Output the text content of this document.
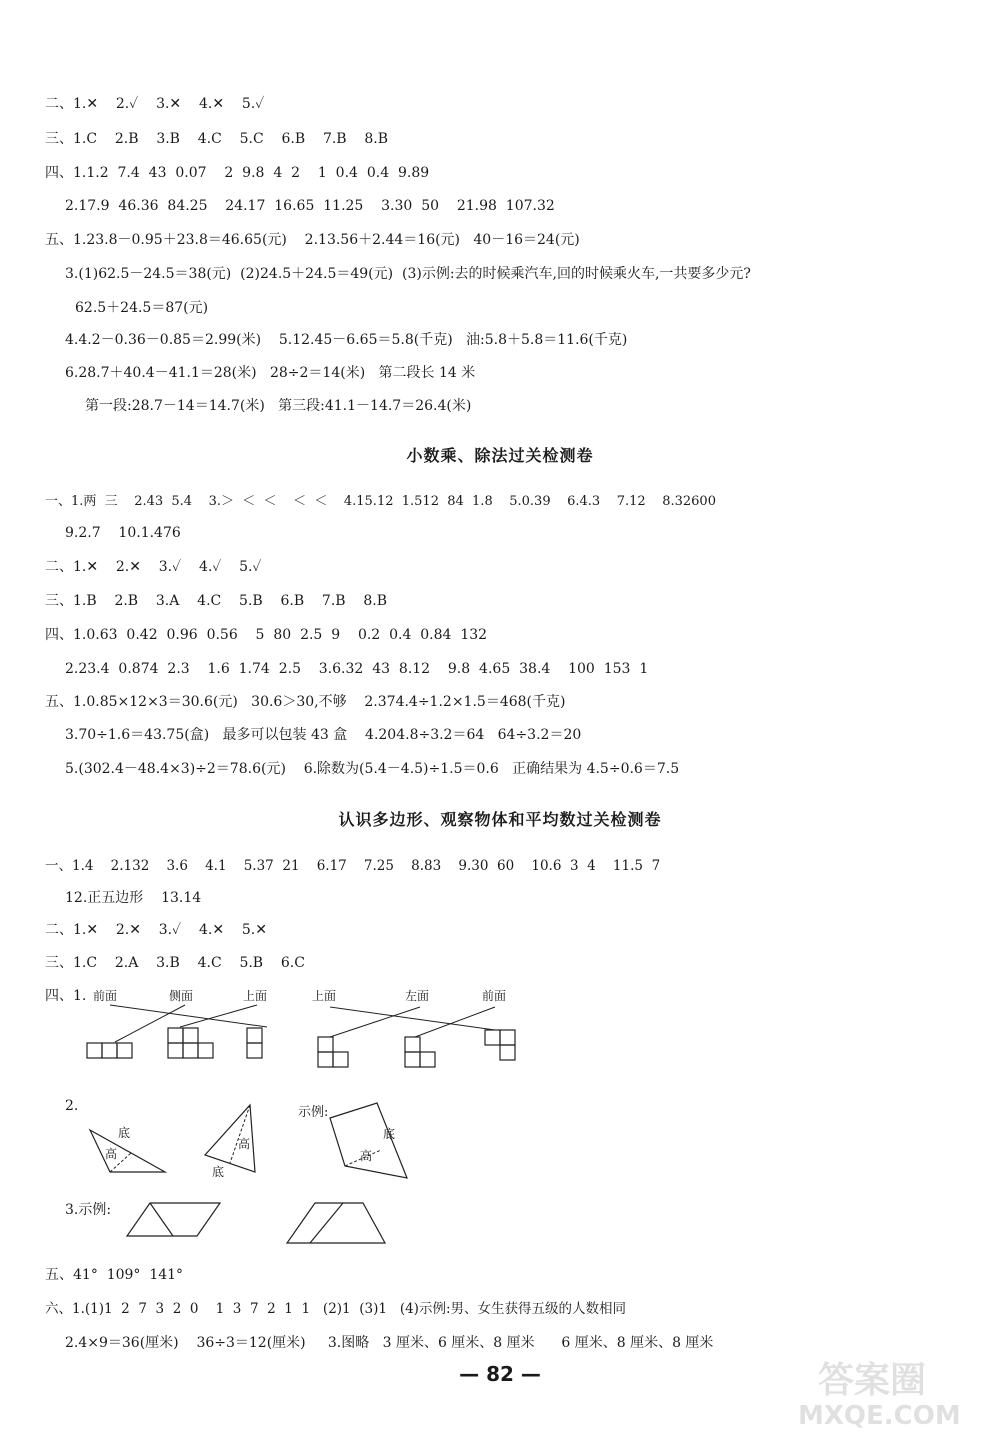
二、1.✕    2.✓    3.✕    4.✕    5.✓
三、1.C    2.B    3.B    4.C    5.C    6.B    7.B    8.B
四、1.1.2  7.4  43  0.07    2  9.8  4  2    1  0.4  0.4  9.89
2.17.9  46.36  84.25    24.17  16.65  11.25    3.30  50    21.98  107.32
五、1.23.8－0.95＋23.8＝46.65(元)    2.13.56＋2.44＝16(元)   40－16＝24(元)
3.(1)62.5－24.5＝38(元)  (2)24.5＋24.5＝49(元)  (3)示例:去的时候乘汽车,回的时候乘火车,一共要多少元?
62.5＋24.5＝87(元)
4.4.2－0.36－0.85＝2.99(米)    5.12.45－6.65＝5.8(千克)   油:5.8＋5.8＝11.6(千克)
6.28.7＋40.4－41.1＝28(米)   28÷2＝14(米)   第二段长 14 米
第一段:28.7－14＝14.7(米)   第三段:41.1－14.7＝26.4(米)
小数乘、除法过关检测卷
一、1.两  三    2.43  5.4    3.＞  ＜  ＜    ＜  ＜    4.15.12  1.512  84  1.8    5.0.39    6.4.3    7.12    8.32600
9.2.7    10.1.476
二、1.✕    2.✕    3.✓    4.✓    5.✓
三、1.B    2.B    3.A    4.C    5.B    6.B    7.B    8.B
四、1.0.63  0.42  0.96  0.56    5  80  2.5  9    0.2  0.4  0.84  132
2.23.4  0.874  2.3    1.6  1.74  2.5    3.6.32  43  8.12    9.8  4.65  38.4    100  153  1
五、1.0.85×12×3＝30.6(元)   30.6＞30,不够    2.374.4÷1.2×1.5＝468(千克)
3.70÷1.6＝43.75(盒)   最多可以包装 43 盒    4.204.8÷3.2＝64   64÷3.2＝20
5.(302.4－48.4×3)÷2＝78.6(元)    6.除数为(5.4－4.5)÷1.5＝0.6   正确结果为 4.5÷0.6＝7.5
认识多边形、观察物体和平均数过关检测卷
一、1.4    2.132    3.6    4.1    5.37  21    6.17    7.25    8.83    9.30  60    10.6  3  4    11.5  7
12.正五边形    13.14
二、1.✕    2.✕    3.✓    4.✕    5.✕
三、1.C    2.A    3.B    4.C    5.B    6.C
四、1. 前面	侧面	上面	上面	左面	前面
2.
底
高
高
底
示例:
底
高
3.示例:
五、41°  109°  141°
六、1.(1)1  2  7  3  2  0    1  3  7  2  1  1   (2)1  (3)1   (4)示例:男、女生获得五级的人数相同
2.4×9＝36(厘米)    36÷3＝12(厘米)     3.图略   3 厘米、6 厘米、8 厘米      6 厘米、8 厘米、8 厘米
— 82 —	答案圈
MXQE.COM
